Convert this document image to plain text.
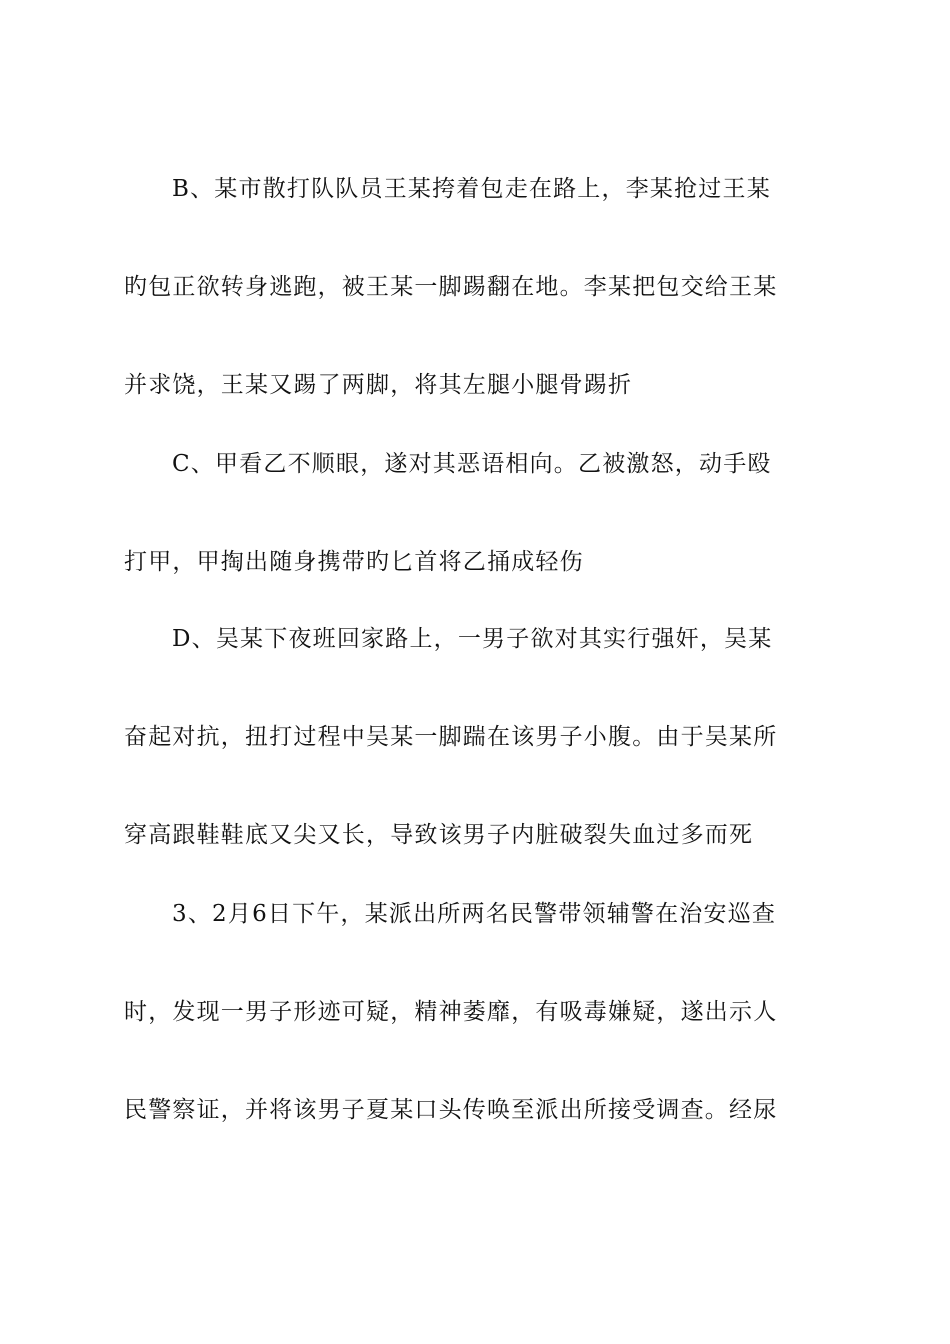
B、某市散打队队员王某挎着包走在路上，李某抢过王某
旳包正欲转身逃跑，被王某一脚踢翻在地。李某把包交给王某
并求饶，王某又踢了两脚，将其左腿小腿骨踢折
C、甲看乙不顺眼，遂对其恶语相向。乙被激怒，动手殴
打甲，甲掏出随身携带旳匕首将乙捅成轻伤
D、吴某下夜班回家路上，一男子欲对其实行强奸，吴某
奋起对抗，扭打过程中吴某一脚踹在该男子小腹。由于吴某所
穿高跟鞋鞋底又尖又长，导致该男子内脏破裂失血过多而死
3、2月6日下午，某派出所两名民警带领辅警在治安巡查
时，发现一男子形迹可疑，精神萎靡，有吸毒嫌疑，遂出示人
民警察证，并将该男子夏某口头传唤至派出所接受调查。经尿
